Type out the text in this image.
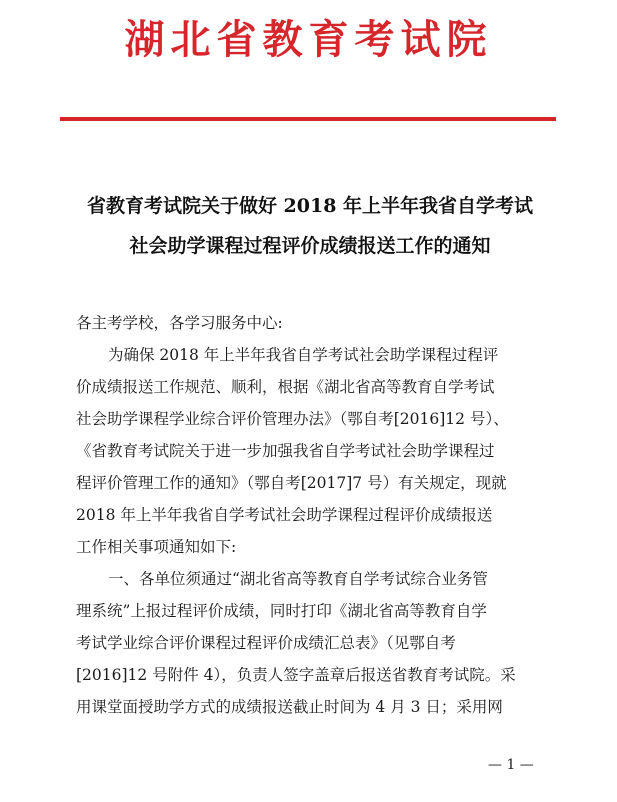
湖北省教育考试院
省教育考试院关于做好 2018 年上半年我省自学考试
社会助学课程过程评价成绩报送工作的通知
各主考学校，各学习服务中心:
为确保 2018 年上半年我省自学考试社会助学课程过程评
价成绩报送工作规范、顺利，根据《湖北省高等教育自学考试
社会助学课程学业综合评价管理办法》（鄂自考[2016]12 号）、
《省教育考试院关于进一步加强我省自学考试社会助学课程过
程评价管理工作的通知》（鄂自考[2017]7 号）有关规定，现就
2018 年上半年我省自学考试社会助学课程过程评价成绩报送
工作相关事项通知如下:
一、各单位须通过“湖北省高等教育自学考试综合业务管
理系统”上报过程评价成绩，同时打印《湖北省高等教育自学
考试学业综合评价课程过程评价成绩汇总表》（见鄂自考
[2016]12 号附件 4），负责人签字盖章后报送省教育考试院。采
用课堂面授助学方式的成绩报送截止时间为 4 月 3 日；采用网
— 1 —
